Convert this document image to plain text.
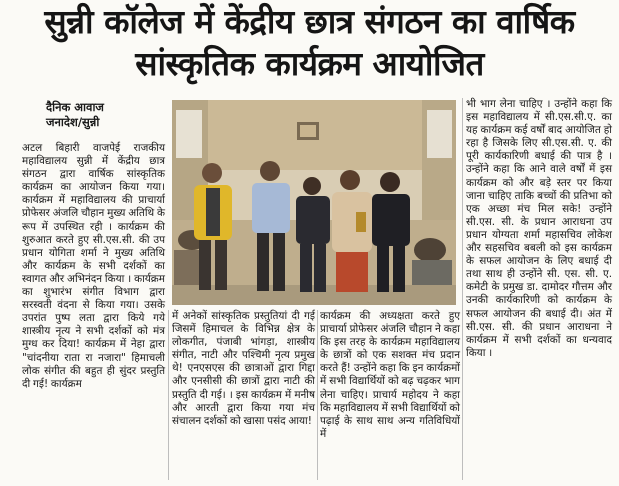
सुन्नी कॉलेज में केंद्रीय छात्र संगठन का वार्षिक
सांस्कृतिक कार्यक्रम आयोजित
दैनिक आवाज
जनादेश/सुन्नी
अटल बिहारी वाजपेई राजकीय महाविद्यालय सुन्नी में केंद्रीय छात्र संगठन द्वारा वार्षिक सांस्कृतिक कार्यक्रम का आयोजन किया गया। कार्यक्रम में महाविद्यालय की प्राचार्या प्रोफेसर अंजलि चौहान मुख्य अतिथि के रूप में उपस्थित रही । कार्यक्रम की शुरुआत करते हुए सी.एस.सी. की उप प्रधान योगिता शर्मा ने मुख्य अतिथि और कार्यक्रम के सभी दर्शकों का स्वागत और अभिनंदन किया । कार्यक्रम का शुभारंभ संगीत विभाग द्वारा सरस्वती वंदना से किया गया। उसके उपरांत पुष्प लता द्वारा किये गये शास्त्रीय नृत्य ने सभी दर्शकों को मंत्र मुग्ध कर दिया! कार्यक्रम में नेहा द्वारा "चांदनीया राता रा नजारा" हिमाचली लोक संगीत की बहुत ही सुंदर प्रस्तुति दी गई! कार्यक्रम
में अनेकों सांस्कृतिक प्रस्तुतियां दी गई जिसमें हिमाचल के विभिन्न क्षेत्र के लोकगीत, पंजाबी भांगड़ा, शास्त्रीय संगीत, नाटी और पश्चिमी नृत्य प्रमुख थे! एनएसएस की छात्राओं द्वारा गिद्दा और एनसीसी की छात्रों द्वारा नाटी की प्रस्तुति दी गई। । इस कार्यक्रम में मनीष और आरती द्वारा किया गया मंच संचालन दर्शकों को खासा पसंद आया!
कार्यक्रम की अध्यक्षता करते हुए प्राचार्या प्रोफेसर अंजलि चौहान ने कहा कि इस तरह के कार्यक्रम महाविद्यालय के छात्रों को एक सशक्त मंच प्रदान करते हैं! उन्होंने कहा कि इन कार्यक्रमों में सभी विद्यार्थियों को बढ़ चढ़कर भाग लेना चाहिए। प्राचार्य महोदय ने कहा कि महाविद्यालय में सभी विद्यार्थियों को पढ़ाई के साथ साथ अन्य गतिविधियों में
भी भाग लेना चाहिए । उन्होंने कहा कि इस महाविद्यालय में सी.एस.सी.ए. का यह कार्यक्रम कई वर्षों बाद आयोजित हो रहा है जिसके लिए सी.एस.सी. ए. की पूरी कार्यकारिणी बधाई की पात्र है । उन्होंने कहा कि आने वाले वर्षों में इस कार्यक्रम को और बड़े स्तर पर किया जाना चाहिए ताकि बच्चों की प्रतिभा को एक अच्छा मंच मिल सके! उन्होंने सी.एस. सी. के प्रधान आराधना उप प्रधान योग्यता शर्मा महासचिव लोकेश और सहसचिव बबली को इस कार्यक्रम के सफल आयोजन के लिए बधाई दी तथा साथ ही उन्होंने सी. एस. सी. ए. कमेटी के प्रमुख डा. दामोदर गौत्तम और उनकी कार्यकारिणी को कार्यक्रम के सफल आयोजन की बधाई दी। अंत में सी.एस. सी. की प्रधान आराधना ने कार्यक्रम में सभी दर्शकों का धन्यवाद किया ।
